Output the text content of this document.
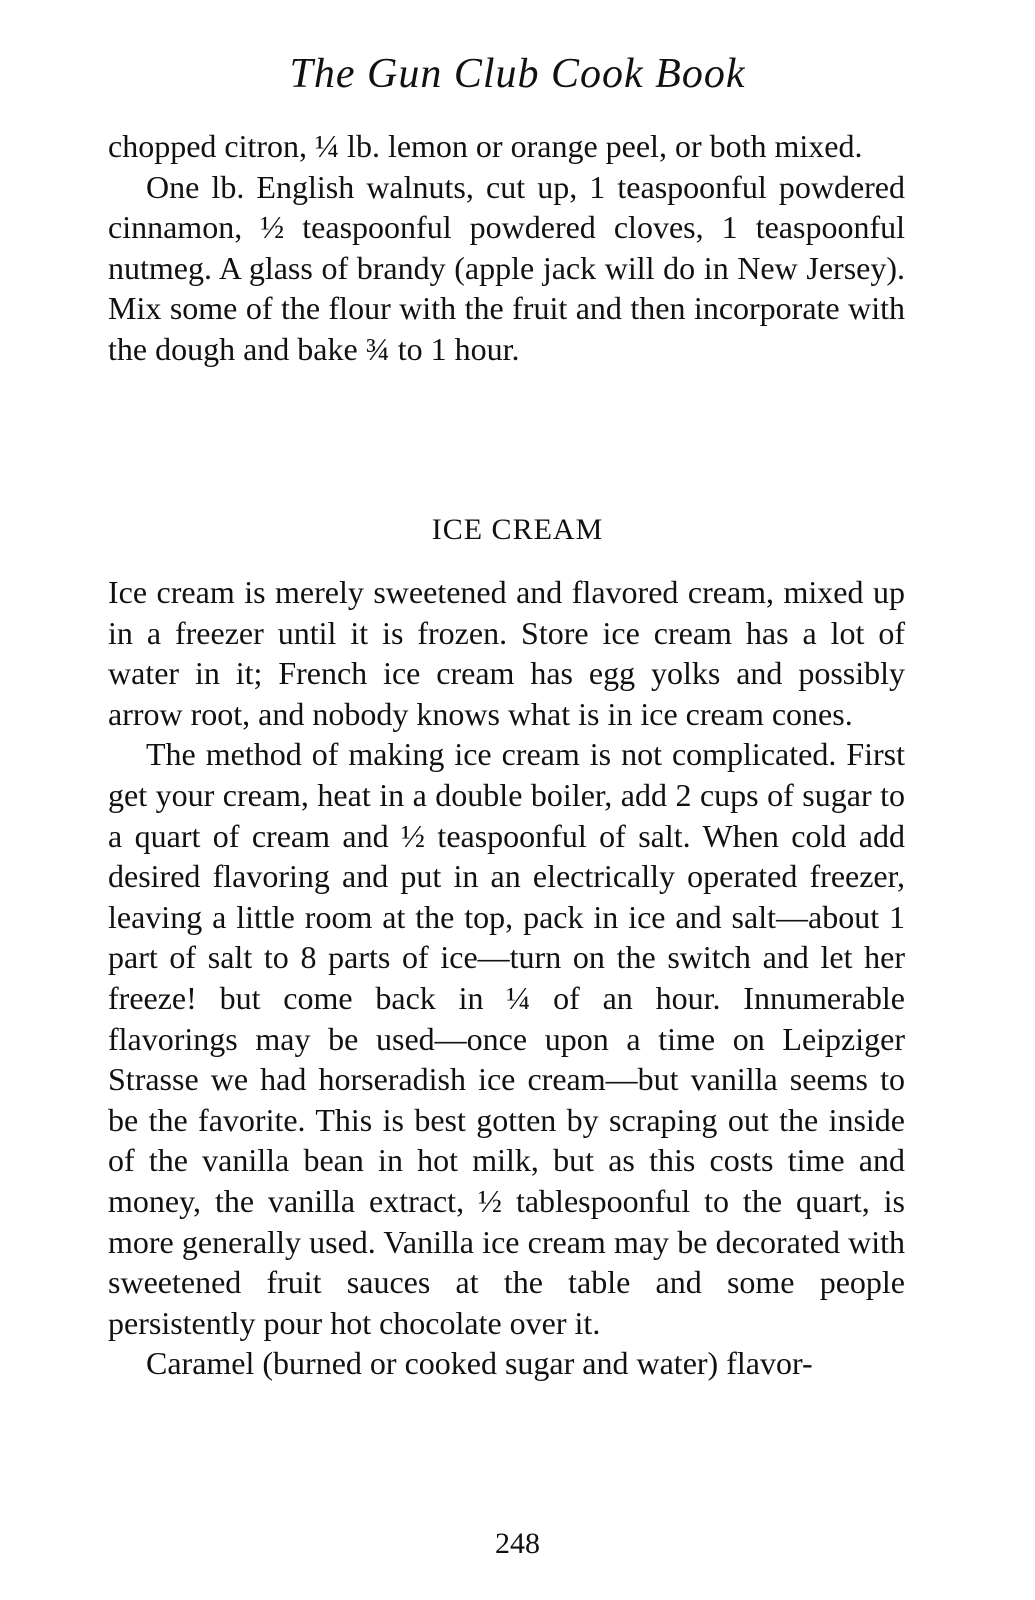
The Gun Club Cook Book

chopped citron, ¼ lb. lemon or orange peel, or both mixed.

One lb. English walnuts, cut up, 1 teaspoonful powdered cinnamon, ½ teaspoonful powdered cloves, 1 teaspoonful nutmeg. A glass of brandy (apple jack will do in New Jersey). Mix some of the flour with the fruit and then incorporate with the dough and bake ¾ to 1 hour.

ICE CREAM

Ice cream is merely sweetened and flavored cream, mixed up in a freezer until it is frozen. Store ice cream has a lot of water in it; French ice cream has egg yolks and possibly arrow root, and nobody knows what is in ice cream cones.

The method of making ice cream is not complicated. First get your cream, heat in a double boiler, add 2 cups of sugar to a quart of cream and ½ teaspoonful of salt. When cold add desired flavoring and put in an electrically operated freezer, leaving a little room at the top, pack in ice and salt—about 1 part of salt to 8 parts of ice—turn on the switch and let her freeze! but come back in ¼ of an hour. Innumerable flavorings may be used—once upon a time on Leipziger Strasse we had horseradish ice cream—but vanilla seems to be the favorite. This is best gotten by scraping out the inside of the vanilla bean in hot milk, but as this costs time and money, the vanilla extract, ½ tablespoonful to the quart, is more generally used. Vanilla ice cream may be decorated with sweetened fruit sauces at the table and some people persistently pour hot chocolate over it.

Caramel (burned or cooked sugar and water) flavor-

248
